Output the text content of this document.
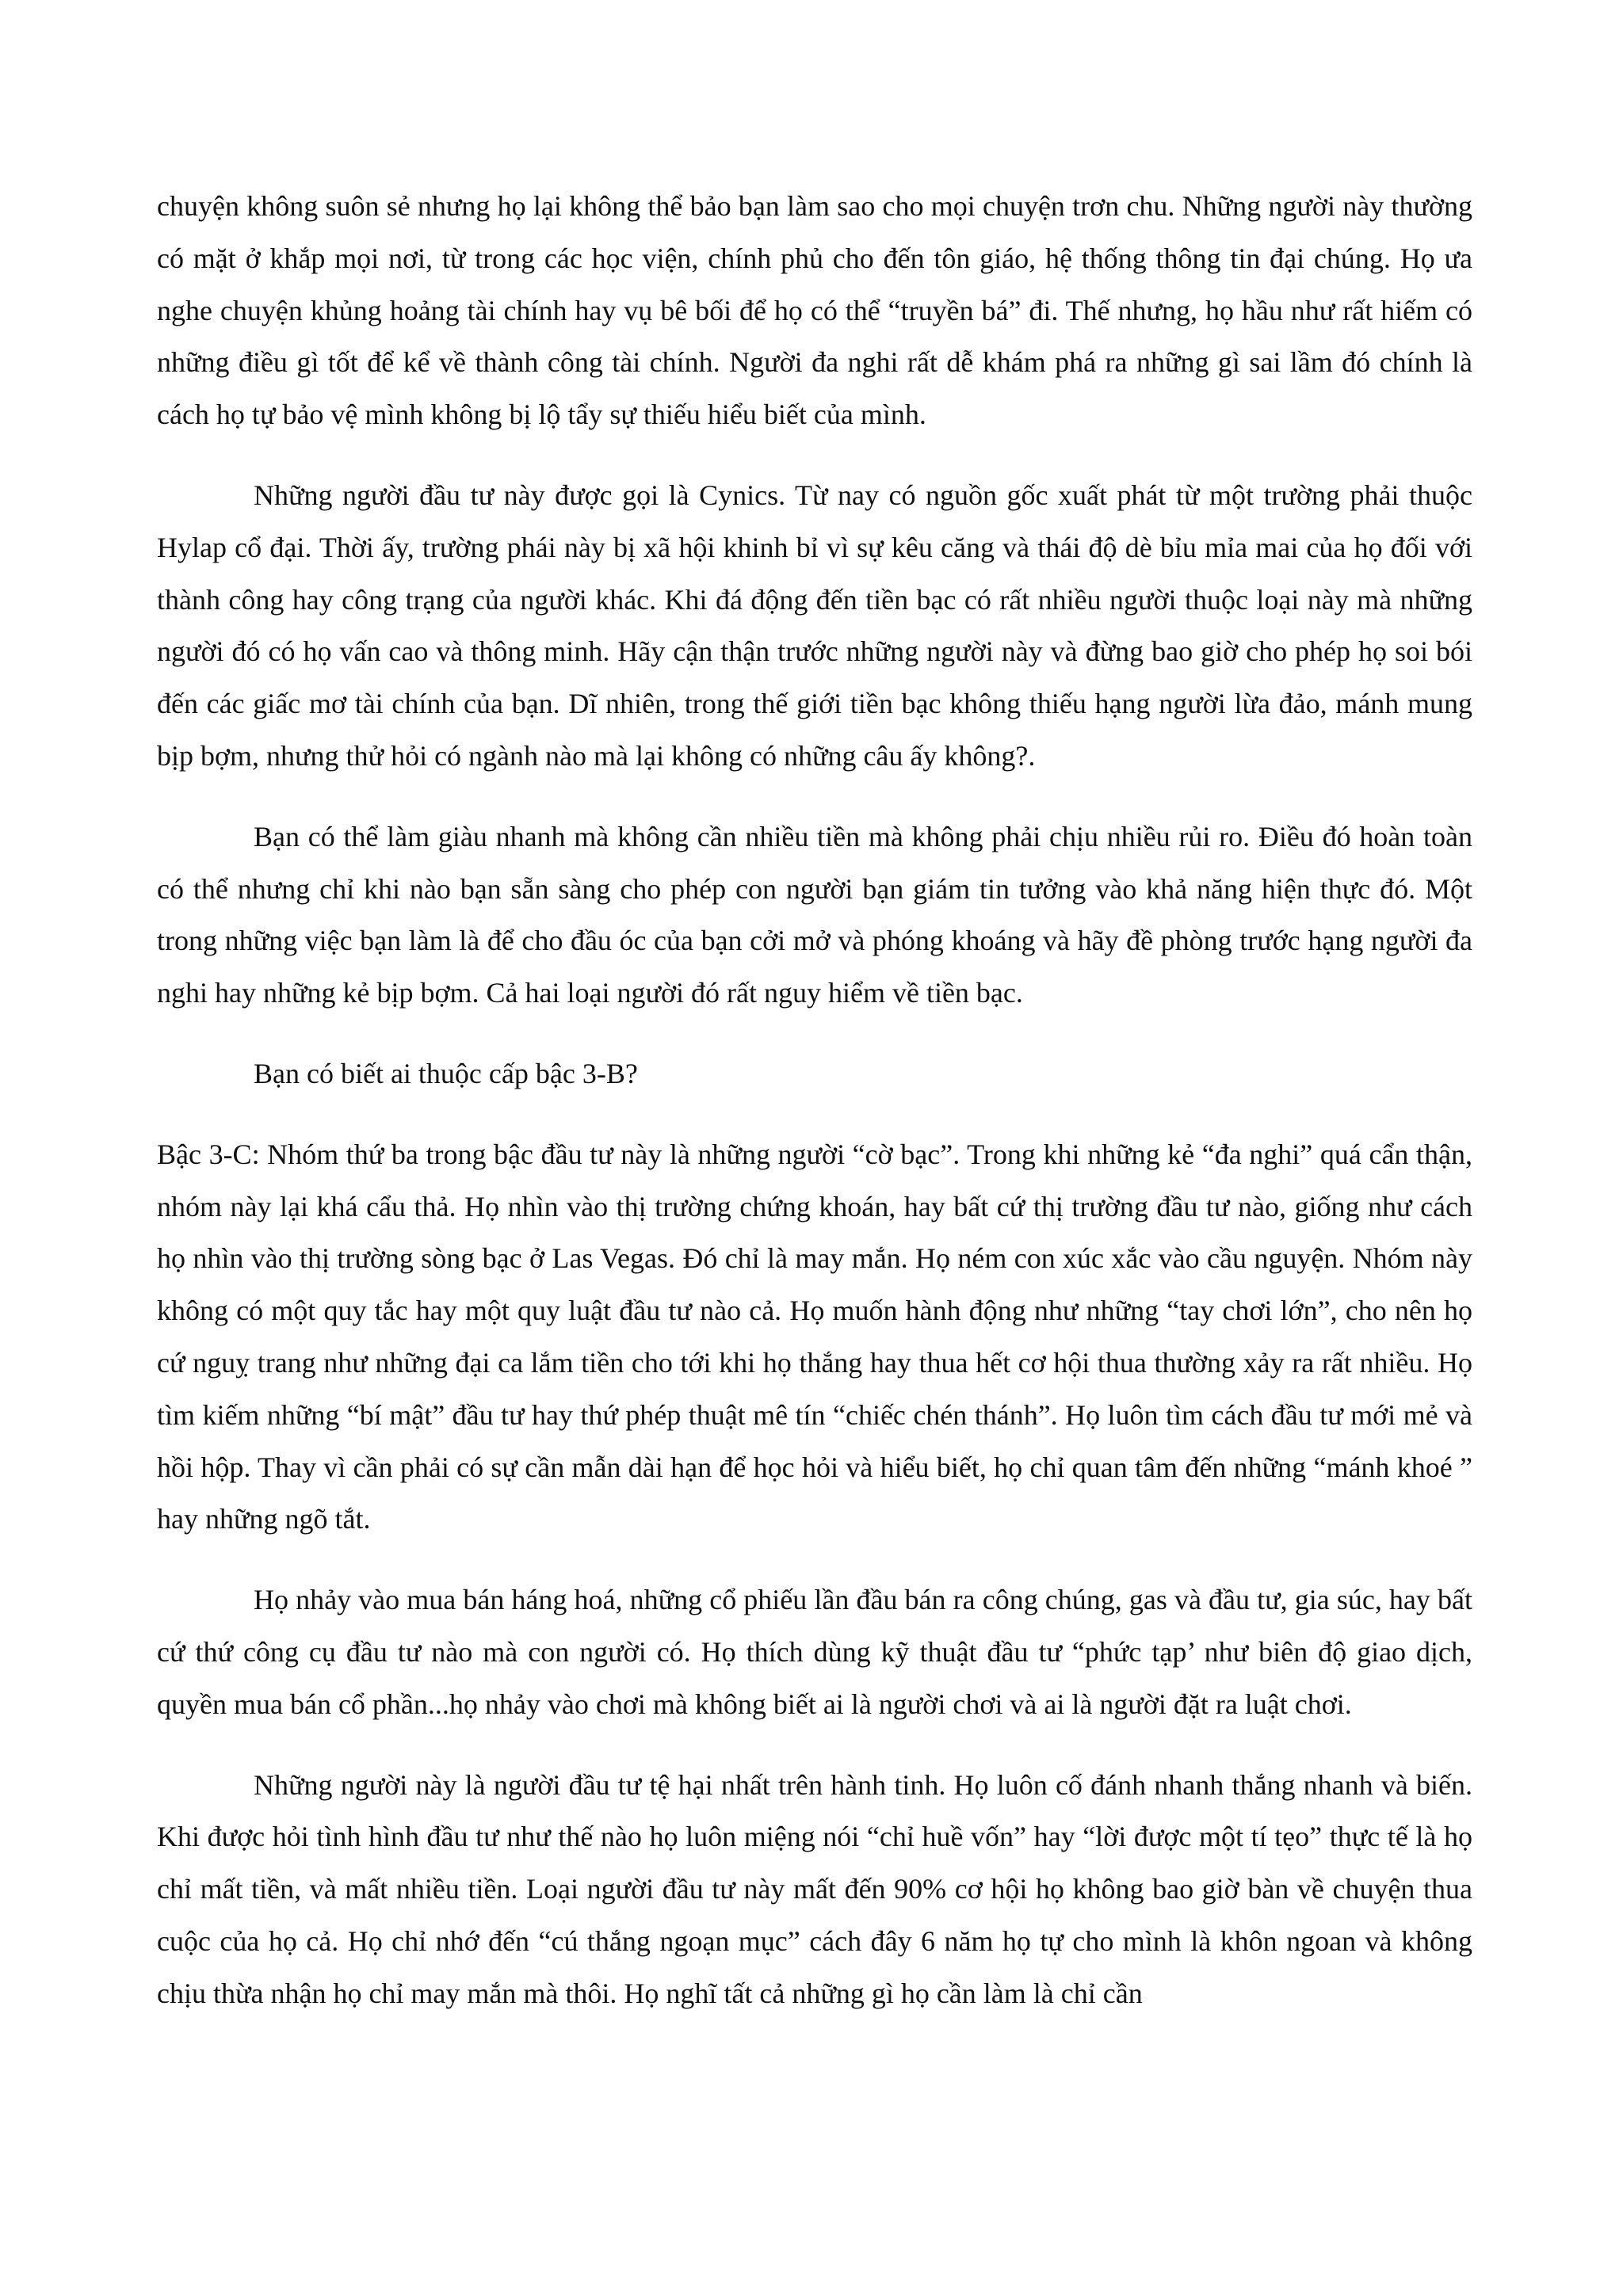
chuyện không suôn sẻ nhưng họ lại không thể bảo bạn làm sao cho mọi chuyện trơn chu. Những người này thường có mặt ở khắp mọi nơi, từ trong các học viện, chính phủ cho đến tôn giáo, hệ thống thông tin đại chúng. Họ ưa nghe chuyện khủng hoảng tài chính hay vụ bê bối để họ có thể “truyền bá” đi. Thế nhưng, họ hầu như rất hiếm có những điều gì tốt để kể về thành công tài chính. Người đa nghi rất dễ khám phá ra những gì sai lầm đó chính là cách họ tự bảo vệ mình không bị lộ tẩy sự thiếu hiểu biết của mình.

Những người đầu tư này được gọi là Cynics. Từ nay có nguồn gốc xuất phát từ một trường phải thuộc Hylap cổ đại. Thời ấy, trường phái này bị xã hội khinh bỉ vì sự kêu căng và thái độ dè bỉu mỉa mai của họ đối với thành công hay công trạng của người khác. Khi đá động đến tiền bạc có rất nhiều người thuộc loại này mà những người đó có họ vấn cao và thông minh. Hãy cận thận trước những người này và đừng bao giờ cho phép họ soi bói đến các giấc mơ tài chính của bạn. Dĩ nhiên, trong thế giới tiền bạc không thiếu hạng người lừa đảo, mánh mung bịp bợm, nhưng thử hỏi có ngành nào mà lại không có những câu ấy không?.

Bạn có thể làm giàu nhanh mà không cần nhiều tiền mà không phải chịu nhiều rủi ro. Điều đó hoàn toàn có thể nhưng chỉ khi nào bạn sẵn sàng cho phép con người bạn giám tin tưởng vào khả năng hiện thực đó. Một trong những việc bạn làm là để cho đầu óc của bạn cởi mở và phóng khoáng và hãy đề phòng trước hạng người đa nghi hay những kẻ bịp bợm. Cả hai loại người đó rất nguy hiểm về tiền bạc.

Bạn có biết ai thuộc cấp bậc 3-B?

Bậc 3-C: Nhóm thứ ba trong bậc đầu tư này là những người “cờ bạc”. Trong khi những kẻ “đa nghi” quá cẩn thận, nhóm này lại khá cẩu thả. Họ nhìn vào thị trường chứng khoán, hay bất cứ thị trường đầu tư nào, giống như cách họ nhìn vào thị trường sòng bạc ở Las Vegas. Đó chỉ là may mắn. Họ ném con xúc xắc vào cầu nguyện. Nhóm này không có một quy tắc hay một quy luật đầu tư nào cả. Họ muốn hành động như những “tay chơi lớn”, cho nên họ cứ nguỵ trang như những đại ca lắm tiền cho tới khi họ thắng hay thua hết cơ hội thua thường xảy ra rất nhiều. Họ tìm kiếm những “bí mật” đầu tư hay thứ phép thuật mê tín “chiếc chén thánh”. Họ luôn tìm cách đầu tư mới mẻ và hồi hộp. Thay vì cần phải có sự cần mẫn dài hạn để học hỏi và hiểu biết, họ chỉ quan tâm đến những “mánh khoé ” hay những ngõ tắt.

Họ nhảy vào mua bán háng hoá, những cổ phiếu lần đầu bán ra công chúng, gas và đầu tư, gia súc, hay bất cứ thứ công cụ đầu tư nào mà con người có. Họ thích dùng kỹ thuật đầu tư “phức tạp’ như biên độ giao dịch, quyền mua bán cổ phần...họ nhảy vào chơi mà không biết ai là người chơi và ai là người đặt ra luật chơi.

Những người này là người đầu tư tệ hại nhất trên hành tinh. Họ luôn cố đánh nhanh thắng nhanh và biến. Khi được hỏi tình hình đầu tư như thế nào họ luôn miệng nói “chỉ huề vốn” hay “lời được một tí tẹo” thực tế là họ chỉ mất tiền, và mất nhiều tiền. Loại người đầu tư này mất đến 90% cơ hội họ không bao giờ bàn về chuyện thua cuộc của họ cả. Họ chỉ nhớ đến “cú thắng ngoạn mục” cách đây 6 năm họ tự cho mình là khôn ngoan và không chịu thừa nhận họ chỉ may mắn mà thôi. Họ nghĩ tất cả những gì họ cần làm là chỉ cần
